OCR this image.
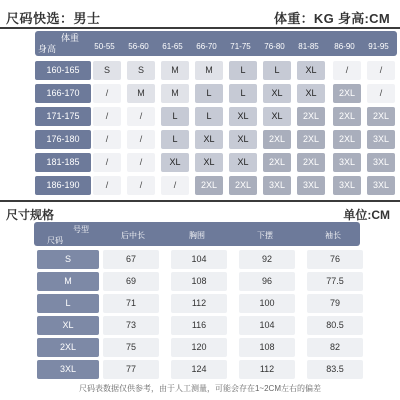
尺码快选：男士	体重：KG 身高:CM
体重
身高	50-55	56-60	61-65	66-70	71-75	76-80	81-85	86-90	91-95
160-165	S	S	M	M	L	L	XL	/	/
166-170	/	M	M	L	L	XL	XL	2XL	/
171-175	/	/	L	L	XL	XL	2XL	2XL	2XL
176-180	/	/	L	XL	XL	2XL	2XL	2XL	3XL
181-185	/	/	XL	XL	XL	2XL	2XL	3XL	3XL
186-190	/	/	/	2XL	2XL	3XL	3XL	3XL	3XL
尺寸规格	单位:CM
号型
尺码
后中长	胸围	下摆	袖长
S	67	104	92	76
M	69	108	96	77.5
L	71	112	100	79
XL	73	116	104	80.5
2XL	75	120	108	82
3XL	77	124	112	83.5
尺码表数据仅供参考，由于人工测量，可能会存在1~2CM左右的偏差
